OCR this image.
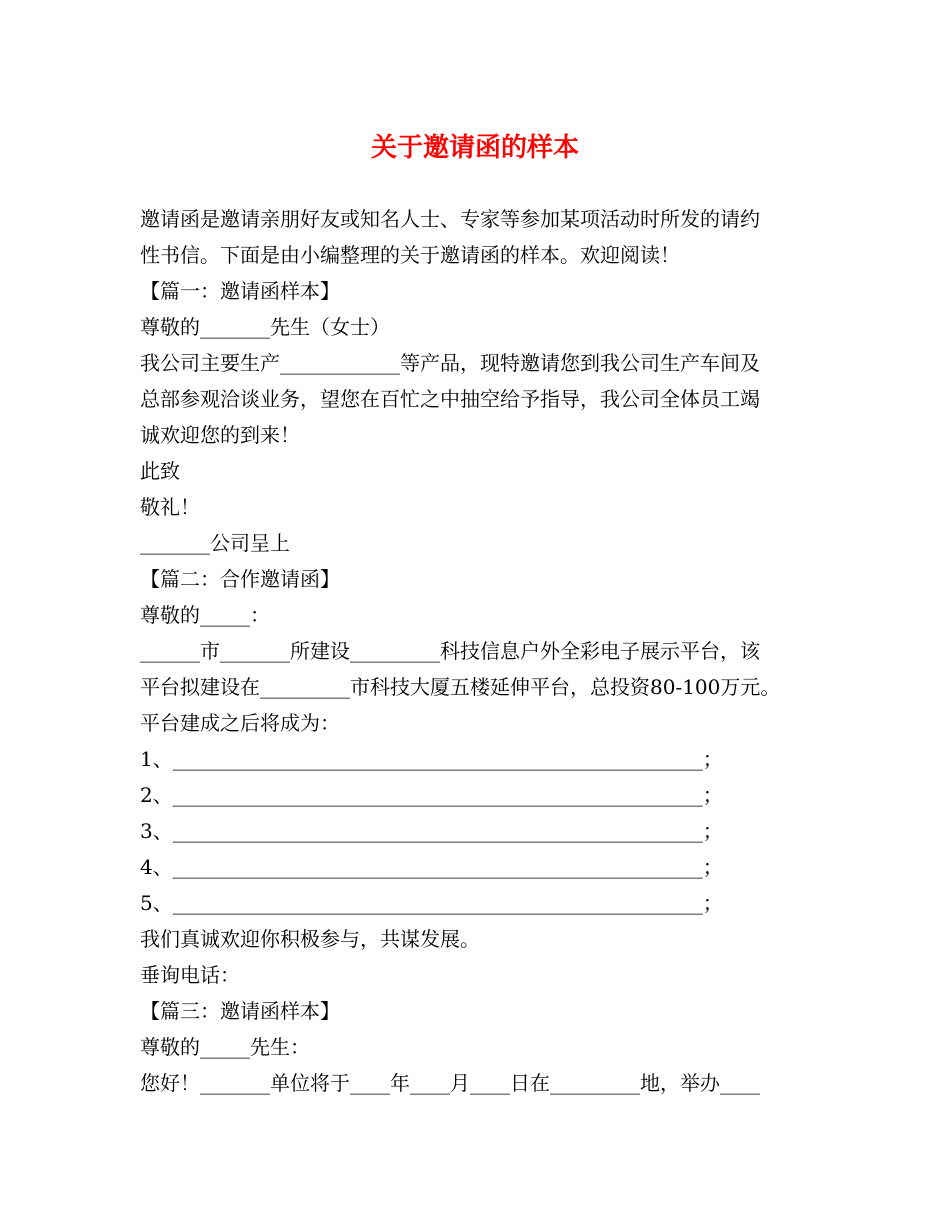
关于邀请函的样本
邀请函是邀请亲朋好友或知名人士、专家等参加某项活动时所发的请约
性书信。下面是由小编整理的关于邀请函的样本。欢迎阅读！
【篇一：邀请函样本】
尊敬的_______先生（女士）
我公司主要生产____________等产品，现特邀请您到我公司生产车间及
总部参观洽谈业务，望您在百忙之中抽空给予指导，我公司全体员工竭
诚欢迎您的到来！
此致
敬礼！
_______公司呈上
【篇二：合作邀请函】
尊敬的_____：
______市_______所建设_________科技信息户外全彩电子展示平台，该
平台拟建设在_________市科技大厦五楼延伸平台，总投资80-100万元。
平台建成之后将成为：
1、_____________________________________________________；
2、_____________________________________________________；
3、_____________________________________________________；
4、_____________________________________________________；
5、_____________________________________________________；
我们真诚欢迎你积极参与，共谋发展。
垂询电话：
【篇三：邀请函样本】
尊敬的_____先生：
您好！_______单位将于____年____月____日在_________地，举办____
